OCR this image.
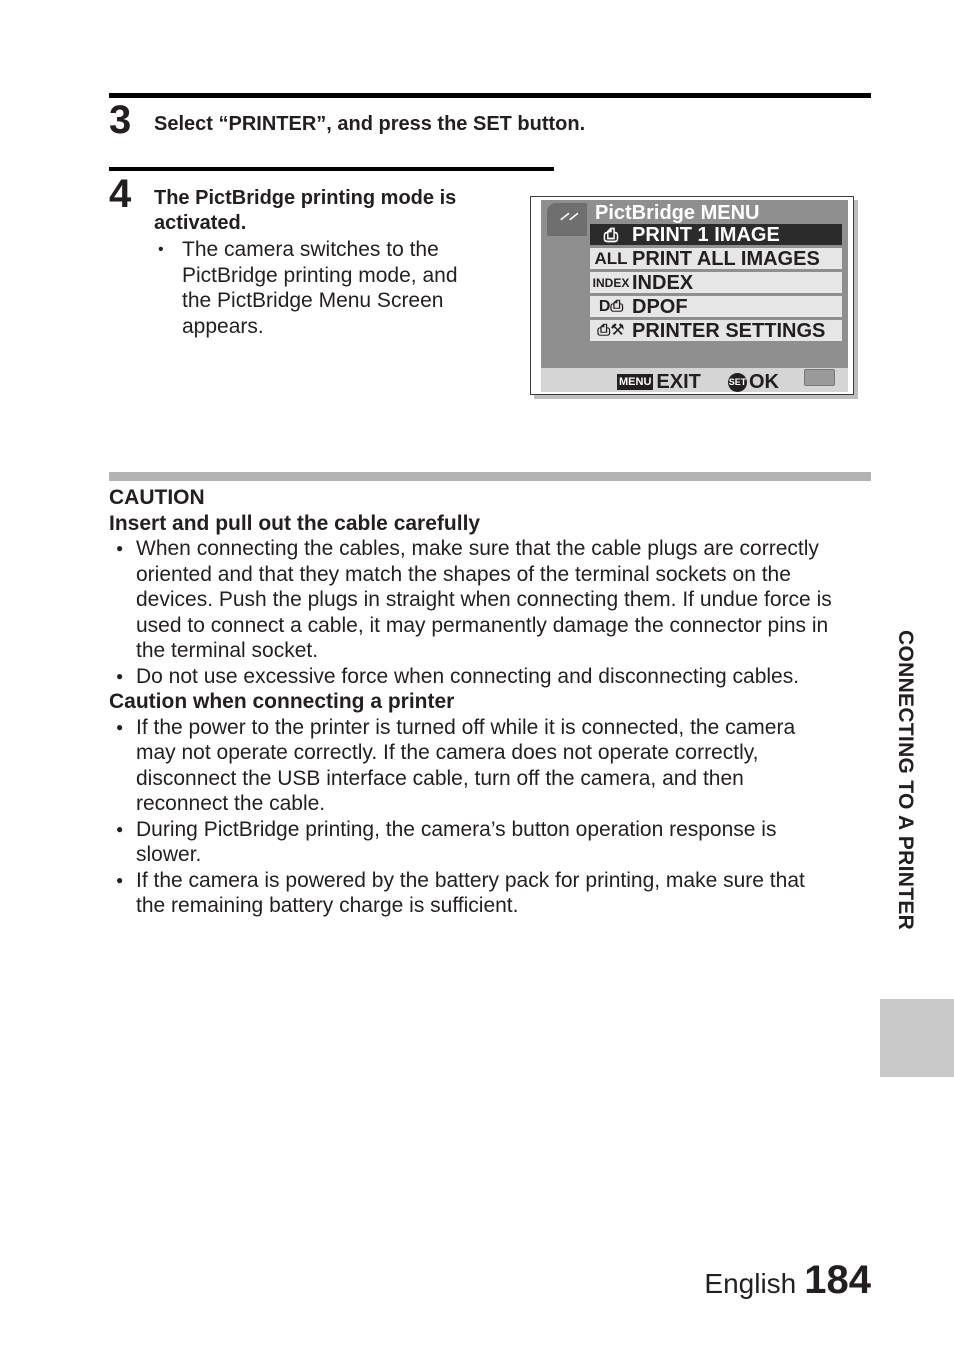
3 Select “PRINTER”, and press the SET button.
4 The PictBridge printing mode is
activated.
• The camera switches to the
PictBridge printing mode, and
the PictBridge Menu Screen
appears.
⸍⸍ PictBridge MENU
⎙ PRINT 1 IMAGE
ALL PRINT ALL IMAGES
INDEX INDEX
D⎙ DPOF
⎙⚒ PRINTER SETTINGS
MENU EXIT	SET OK
CAUTION
Insert and pull out the cable carefully
● When connecting the cables, make sure that the cable plugs are correctly
oriented and that they match the shapes of the terminal sockets on the
devices. Push the plugs in straight when connecting them. If undue force is
used to connect a cable, it may permanently damage the connector pins in
the terminal socket.
● Do not use excessive force when connecting and disconnecting cables.
Caution when connecting a printer
● If the power to the printer is turned off while it is connected, the camera
may not operate correctly. If the camera does not operate correctly,
disconnect the USB interface cable, turn off the camera, and then
reconnect the cable.
● During PictBridge printing, the camera’s button operation response is
slower.
● If the camera is powered by the battery pack for printing, make sure that
the remaining battery charge is sufficient.	CONNECTING TO A PRINTER
English 184
